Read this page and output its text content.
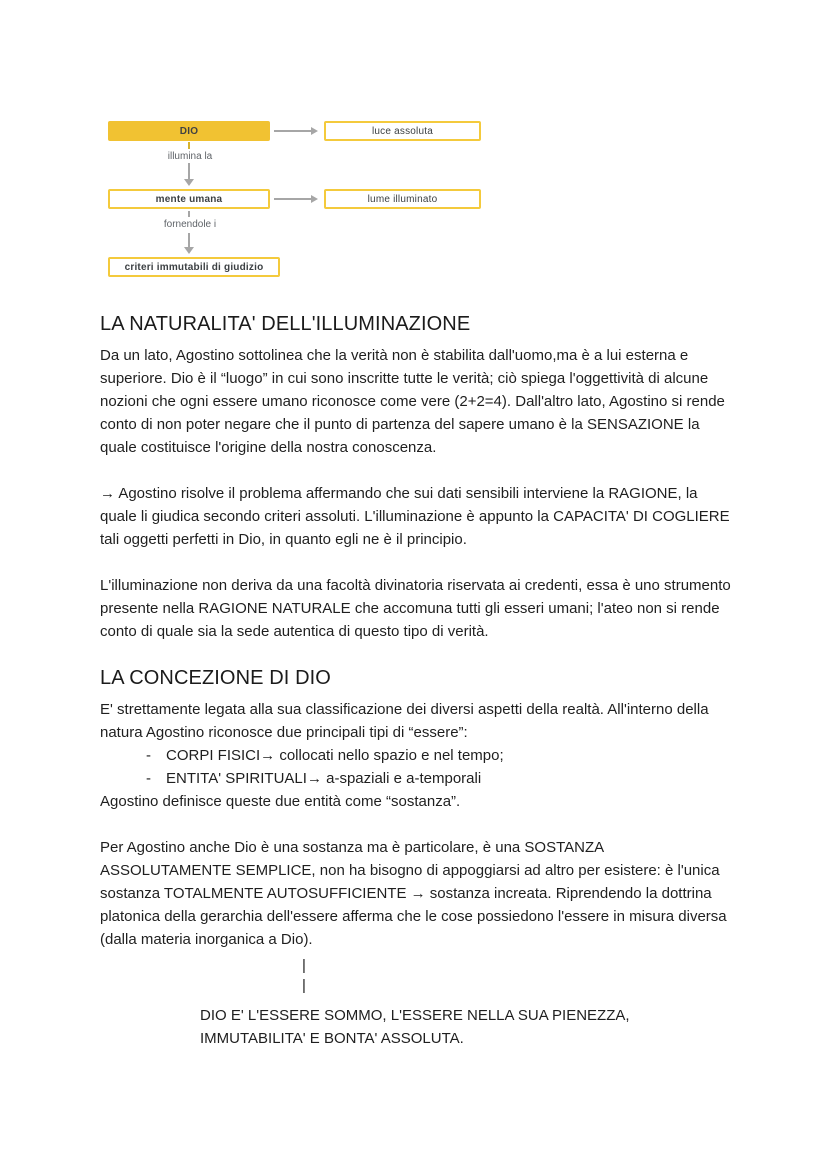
DIO	luce assoluta
illumina la
mente umana	lume illuminato
fornendole i
criteri immutabili di giudizio
LA NATURALITA' DELL'ILLUMINAZIONE

Da un lato, Agostino sottolinea che la verità non è stabilita dall'uomo,ma è a lui esterna e superiore. Dio è il “luogo” in cui sono inscritte tutte le verità; ciò spiega l'oggettività di alcune nozioni che ogni essere umano riconosce come vere (2+2=4). Dall'altro lato, Agostino si rende conto di non poter negare che il punto di partenza del sapere umano è la SENSAZIONE la quale costituisce l'origine della nostra conoscenza.

→ Agostino risolve il problema affermando che sui dati sensibili interviene la RAGIONE, la quale li giudica secondo criteri assoluti. L'illuminazione è appunto la CAPACITA' DI COGLIERE tali oggetti perfetti in Dio, in quanto egli ne è il principio.

L'illuminazione non deriva da una facoltà divinatoria riservata ai credenti, essa è uno strumento presente nella RAGIONE NATURALE che accomuna tutti gli esseri umani; l'ateo non si rende conto di quale sia la sede autentica di questo tipo di verità.

LA CONCEZIONE DI DIO

E' strettamente legata alla sua classificazione dei diversi aspetti della realtà. All'interno della natura Agostino riconosce due principali tipi di “essere”:

-	CORPI FISICI→ collocati nello spazio e nel tempo;
-	ENTITA' SPIRITUALI→ a-spaziali e a-temporali

Agostino definisce queste due entità come “sostanza”.

Per Agostino anche Dio è una sostanza ma è particolare, è una SOSTANZA ASSOLUTAMENTE SEMPLICE, non ha bisogno di appoggiarsi ad altro per esistere: è l'unica sostanza TOTALMENTE AUTOSUFFICIENTE → sostanza increata. Riprendendo la dottrina platonica della gerarchia dell'essere afferma che le cose possiedono l'essere in misura diversa (dalla materia inorganica a Dio).

|
|

DIO E' L'ESSERE SOMMO, L'ESSERE NELLA SUA PIENEZZA, IMMUTABILITA' E BONTA' ASSOLUTA.
